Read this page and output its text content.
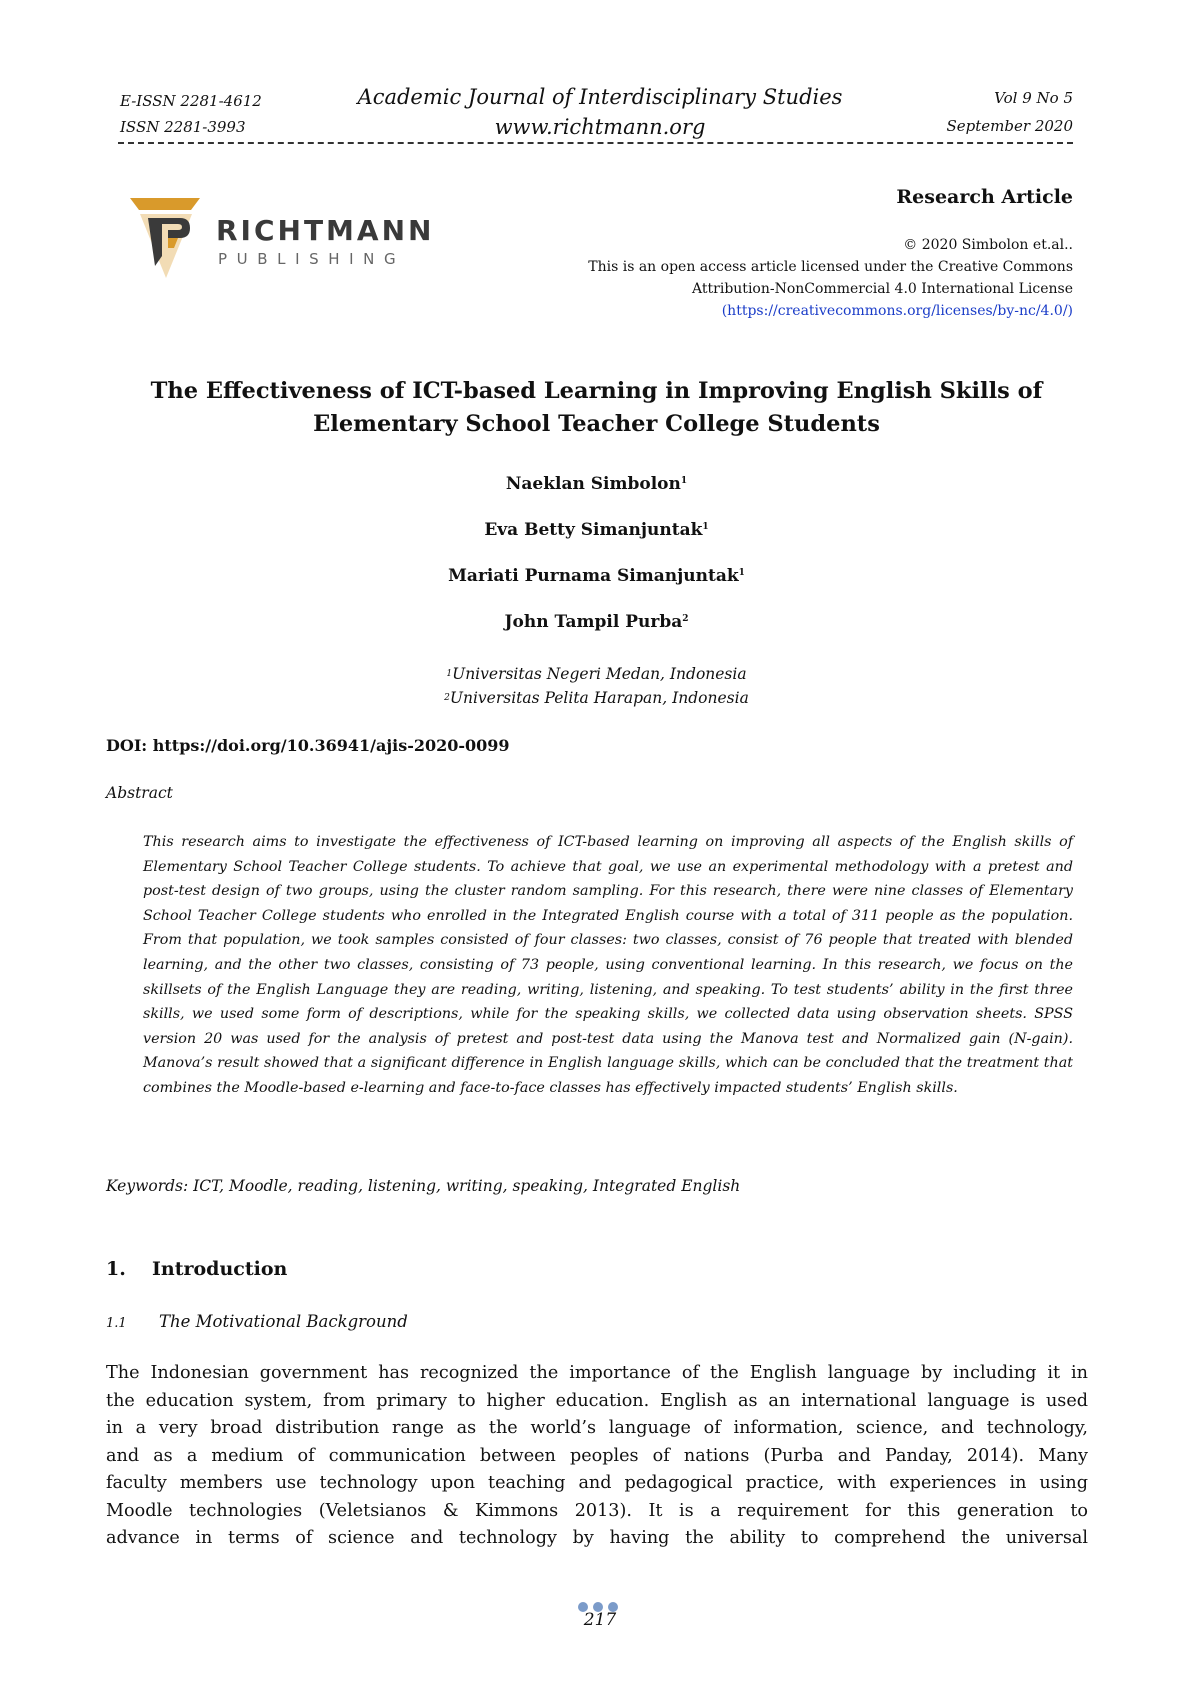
E-ISSN 2281-4612
ISSN 2281-3993
Academic Journal of Interdisciplinary Studies
www.richtmann.org
Vol 9 No 5
September 2020
RICHTMANN
PUBLISHING
Research Article
© 2020 Simbolon et.al..
This is an open access article licensed under the Creative Commons
Attribution-NonCommercial 4.0 International License
(https://creativecommons.org/licenses/by-nc/4.0/)
The Effectiveness of ICT-based Learning in Improving English Skills of
Elementary School Teacher College Students
Naeklan Simbolon$^1$
Eva Betty Simanjuntak$^1$
Mariati Purnama Simanjuntak$^1$
John Tampil Purba$^2$
$^1$Universitas Negeri Medan, Indonesia
$^2$Universitas Pelita Harapan, Indonesia
DOI: https://doi.org/10.36941/ajis-2020-0099
Abstract
This research aims to investigate the effectiveness of ICT-based learning on improving all aspects of the English skills of Elementary School Teacher College students. To achieve that goal, we use an experimental methodology with a pretest and post-test design of two groups, using the cluster random sampling. For this research, there were nine classes of Elementary School Teacher College students who enrolled in the Integrated English course with a total of 311 people as the population. From that population, we took samples consisted of four classes: two classes, consist of 76 people that treated with blended learning, and the other two classes, consisting of 73 people, using conventional learning. In this research, we focus on the skillsets of the English Language they are reading, writing, listening, and speaking. To test students’ ability in the first three skills, we used some form of descriptions, while for the speaking skills, we collected data using observation sheets. SPSS version 20 was used for the analysis of pretest and post-test data using the Manova test and Normalized gain (N-gain). Manova’s result showed that a significant difference in English language skills, which can be concluded that the treatment that combines the Moodle-based e-learning and face-to-face classes has effectively impacted students’ English skills.
Keywords: ICT, Moodle, reading, listening, writing, speaking, Integrated English
1. Introduction
1.1 The Motivational Background
The Indonesian government has recognized the importance of the English language by including it in
the education system, from primary to higher education. English as an international language is used
in a very broad distribution range as the world’s language of information, science, and technology,
and as a medium of communication between peoples of nations (Purba and Panday, 2014). Many
faculty members use technology upon teaching and pedagogical practice, with experiences in using
Moodle technologies (Veletsianos & Kimmons 2013). It is a requirement for this generation to
advance in terms of science and technology by having the ability to comprehend the universal
217
